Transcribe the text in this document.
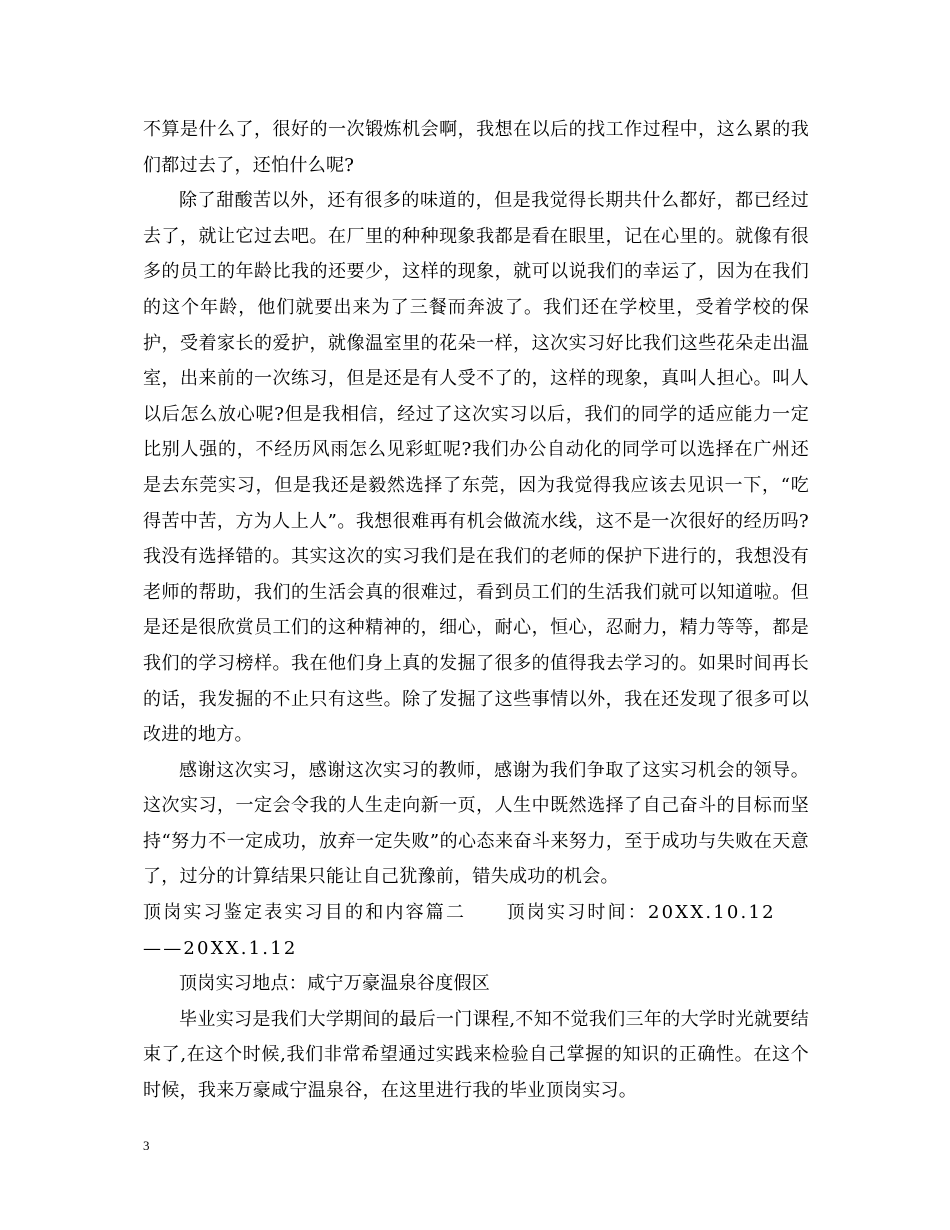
不算是什么了，很好的一次锻炼机会啊，我想在以后的找工作过程中，这么累的我们都过去了，还怕什么呢?

除了甜酸苦以外，还有很多的味道的，但是我觉得长期共什么都好，都已经过去了，就让它过去吧。在厂里的种种现象我都是看在眼里，记在心里的。就像有很多的员工的年龄比我的还要少，这样的现象，就可以说我们的幸运了，因为在我们的这个年龄，他们就要出来为了三餐而奔波了。我们还在学校里，受着学校的保护，受着家长的爱护，就像温室里的花朵一样，这次实习好比我们这些花朵走出温室，出来前的一次练习，但是还是有人受不了的，这样的现象，真叫人担心。叫人以后怎么放心呢?但是我相信，经过了这次实习以后，我们的同学的适应能力一定比别人强的，不经历风雨怎么见彩虹呢?我们办公自动化的同学可以选择在广州还是去东莞实习，但是我还是毅然选择了东莞，因为我觉得我应该去见识一下，“吃得苦中苦，方为人上人”。我想很难再有机会做流水线，这不是一次很好的经历吗?我没有选择错的。其实这次的实习我们是在我们的老师的保护下进行的，我想没有老师的帮助，我们的生活会真的很难过，看到员工们的生活我们就可以知道啦。但是还是很欣赏员工们的这种精神的，细心，耐心，恒心，忍耐力，精力等等，都是我们的学习榜样。我在他们身上真的发掘了很多的值得我去学习的。如果时间再长的话，我发掘的不止只有这些。除了发掘了这些事情以外，我在还发现了很多可以改进的地方。

感谢这次实习，感谢这次实习的教师，感谢为我们争取了这实习机会的领导。这次实习，一定会令我的人生走向新一页，人生中既然选择了自己奋斗的目标而坚持“努力不一定成功，放弃一定失败”的心态来奋斗来努力，至于成功与失败在天意了，过分的计算结果只能让自己犹豫前，错失成功的机会。

顶岗实习鉴定表实习目的和内容篇二　　顶岗实习时间：20XX.10.12——20XX.1.12

顶岗实习地点：咸宁万豪温泉谷度假区

毕业实习是我们大学期间的最后一门课程,不知不觉我们三年的大学时光就要结束了,在这个时候,我们非常希望通过实践来检验自己掌握的知识的正确性。在这个时候，我来万豪咸宁温泉谷，在这里进行我的毕业顶岗实习。

3
